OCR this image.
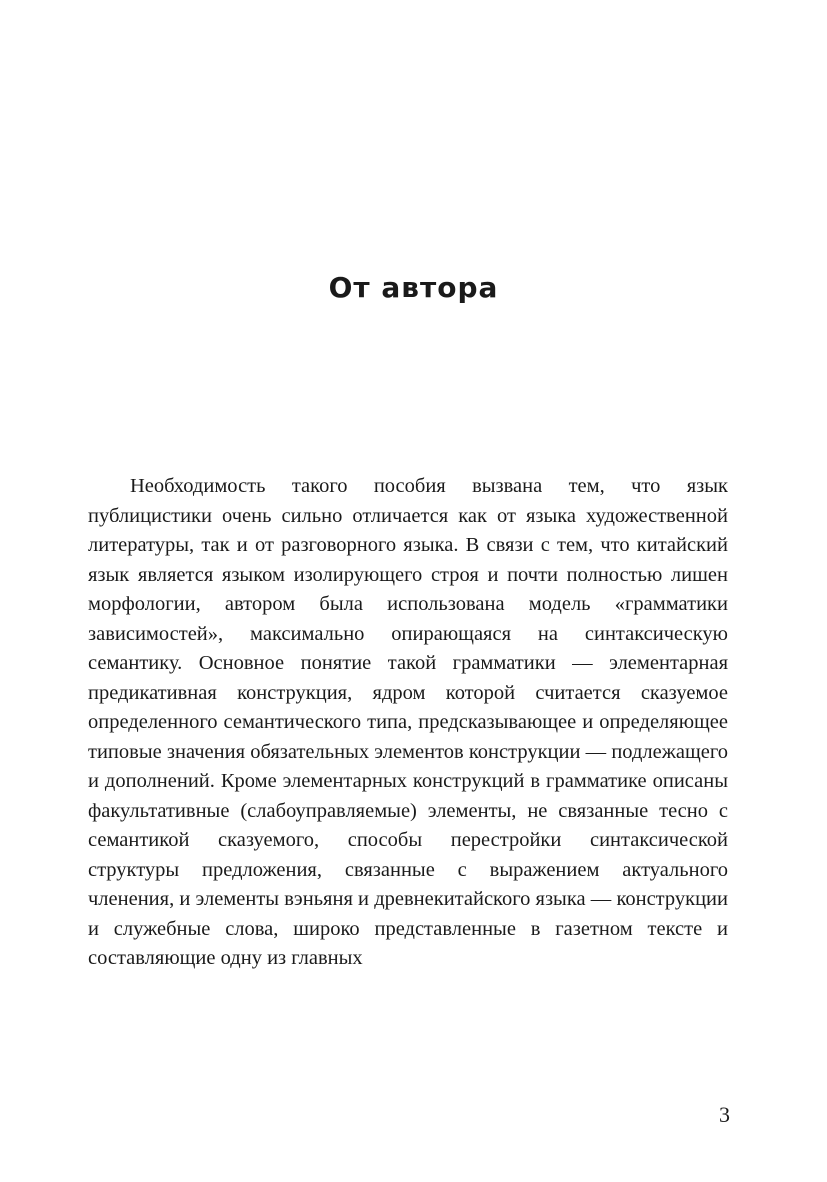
От автора

Необходимость такого пособия вызвана тем, что язык публицистики очень сильно отличается как от языка художественной литературы, так и от разговорного языка. В связи с тем, что китайский язык является языком изолирующего строя и почти полностью лишен морфологии, автором была использована модель «грамматики зависимостей», максимально опирающаяся на синтаксическую семантику. Основное понятие такой грамматики — элементарная предикативная конструкция, ядром которой считается сказуемое определенного семантического типа, предсказывающее и определяющее типовые значения обязательных элементов конструкции — подлежащего и дополнений. Кроме элементарных конструкций в грамматике описаны факультативные (слабоуправляемые) элементы, не связанные тесно с семантикой сказуемого, способы перестройки синтаксической структуры предложения, связанные с выражением актуального членения, и элементы вэньяня и древнекитайского языка — конструкции и служебные слова, широко представленные в газетном тексте и составляющие одну из главных

3
